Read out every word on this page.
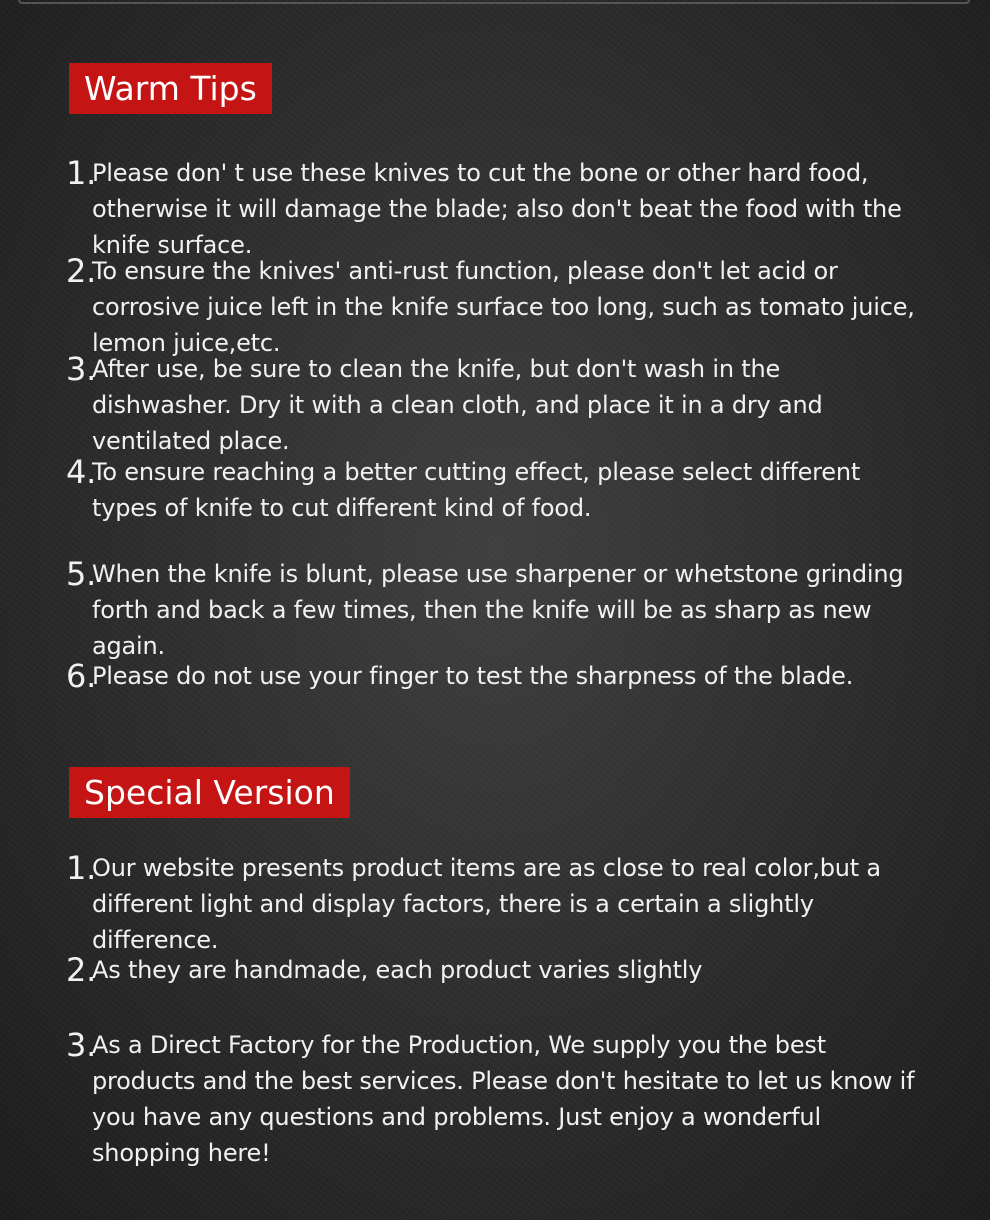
Warm Tips
1.
Please don' t use these knives to cut the bone or other hard food, otherwise it will damage the blade; also don't beat the food with the knife surface.
2.
To ensure the knives' anti-rust function, please don't let acid or corrosive juice left in the knife surface too long, such as tomato juice, lemon juice,etc.
3.
After use, be sure to clean the knife, but don't wash in the dishwasher. Dry it with a clean cloth, and place it in a dry and ventilated place.
4.
To ensure reaching a better cutting effect, please select different types of knife to cut different kind of food.
5.
When the knife is blunt, please use sharpener or whetstone grinding forth and back a few times, then the knife will be as sharp as new again.
6.
Please do not use your finger to test the sharpness of the blade.
Special Version
1.
Our website presents product items are as close to real color,but a different light and display factors, there is a certain a slightly difference.
2.
As they are handmade, each product varies slightly
3.
As a Direct Factory for the Production, We supply you the best products and the best services. Please don't hesitate to let us know if you have any questions and problems. Just enjoy a wonderful shopping here!
